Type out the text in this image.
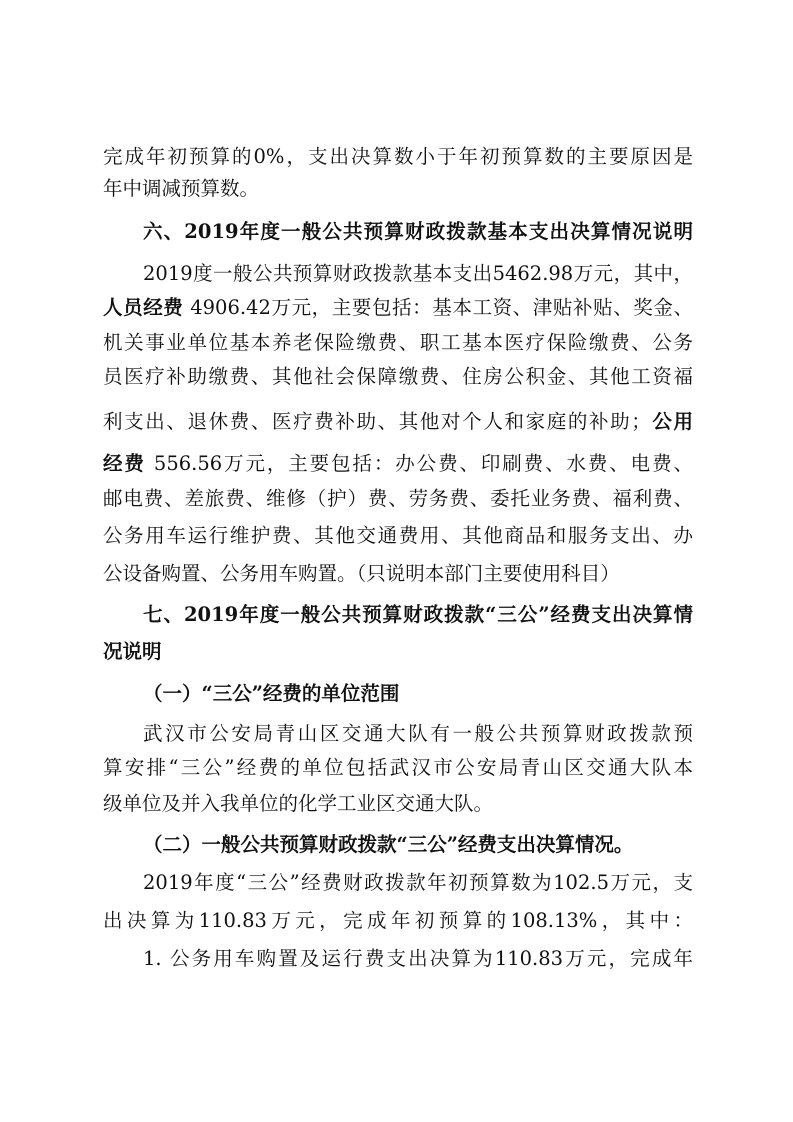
完成年初预算的0%，支出决算数小于年初预算数的主要原因是
年中调减预算数。
六、2019年度一般公共预算财政拨款基本支出决算情况说明
2019度一般公共预算财政拨款基本支出5462.98万元，其中，
人员经费 4906.42万元，主要包括：基本工资、津贴补贴、奖金、
机关事业单位基本养老保险缴费、职工基本医疗保险缴费、公务
员医疗补助缴费、其他社会保障缴费、住房公积金、其他工资福
利支出、退休费、医疗费补助、其他对个人和家庭的补助；公用
经费 556.56万元，主要包括：办公费、印刷费、水费、电费、
邮电费、差旅费、维修（护）费、劳务费、委托业务费、福利费、
公务用车运行维护费、其他交通费用、其他商品和服务支出、办
公设备购置、公务用车购置。（只说明本部门主要使用科目）
七、2019年度一般公共预算财政拨款“三公”经费支出决算情
况说明
（一）“三公”经费的单位范围
武汉市公安局青山区交通大队有一般公共预算财政拨款预
算安排“三公”经费的单位包括武汉市公安局青山区交通大队本
级单位及并入我单位的化学工业区交通大队。
（二）一般公共预算财政拨款“三公”经费支出决算情况。
2019年度“三公”经费财政拨款年初预算数为102.5万元，支
出决算为110.83万元，完成年初预算的108.13%，其中：
1. 公务用车购置及运行费支出决算为110.83万元，完成年
